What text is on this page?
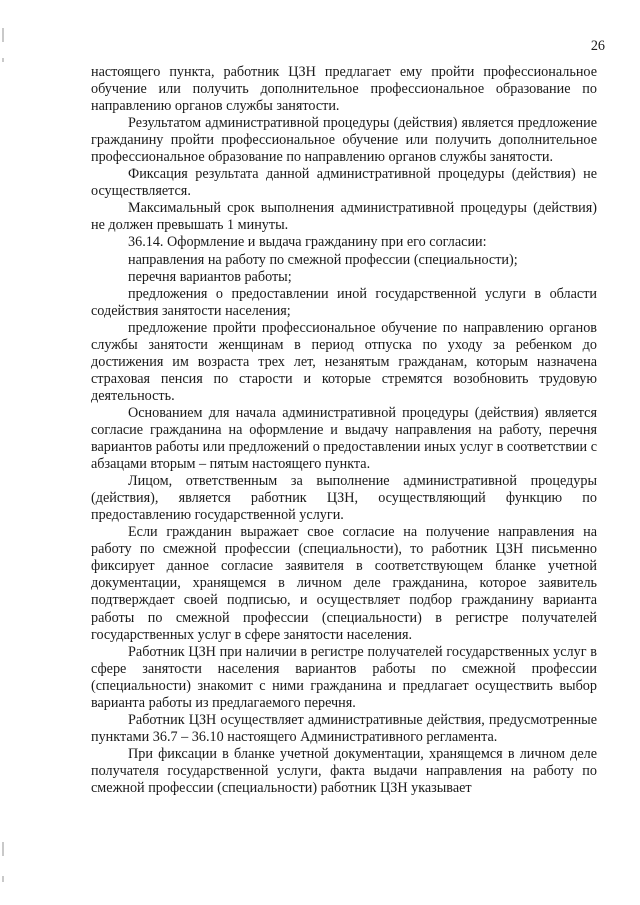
26

настоящего пункта, работник ЦЗН предлагает ему пройти профессиональное обучение или получить дополнительное профессиональное образование по направлению органов службы занятости.

Результатом административной процедуры (действия) является предложение гражданину пройти профессиональное обучение или получить дополнительное профессиональное образование по направлению органов службы занятости.

Фиксация результата данной административной процедуры (действия) не осуществляется.

Максимальный срок выполнения административной процедуры (действия) не должен превышать 1 минуты.

36.14. Оформление и выдача гражданину при его согласии:

направления на работу по смежной профессии (специальности);

перечня вариантов работы;

предложения о предоставлении иной государственной услуги в области содействия занятости населения;

предложение пройти профессиональное обучение по направлению органов службы занятости женщинам в период отпуска по уходу за ребенком до достижения им возраста трех лет, незанятым гражданам, которым назначена страховая пенсия по старости и которые стремятся возобновить трудовую деятельность.

Основанием для начала административной процедуры (действия) является согласие гражданина на оформление и выдачу направления на работу, перечня вариантов работы или предложений о предоставлении иных услуг в соответствии с абзацами вторым – пятым настоящего пункта.

Лицом, ответственным за выполнение административной процедуры (действия), является работник ЦЗН, осуществляющий функцию по предоставлению государственной услуги.

Если гражданин выражает свое согласие на получение направления на работу по смежной профессии (специальности), то работник ЦЗН письменно фиксирует данное согласие заявителя в соответствующем бланке учетной документации, хранящемся в личном деле гражданина, которое заявитель подтверждает своей подписью, и осуществляет подбор гражданину варианта работы по смежной профессии (специальности) в регистре получателей государственных услуг в сфере занятости населения.

Работник ЦЗН при наличии в регистре получателей государственных услуг в сфере занятости населения вариантов работы по смежной профессии (специальности) знакомит с ними гражданина и предлагает осуществить выбор варианта работы из предлагаемого перечня.

Работник ЦЗН осуществляет административные действия, предусмотренные пунктами 36.7 – 36.10 настоящего Административного регламента.

При фиксации в бланке учетной документации, хранящемся в личном деле получателя государственной услуги, факта выдачи направления на работу по смежной профессии (специальности) работник ЦЗН указывает
